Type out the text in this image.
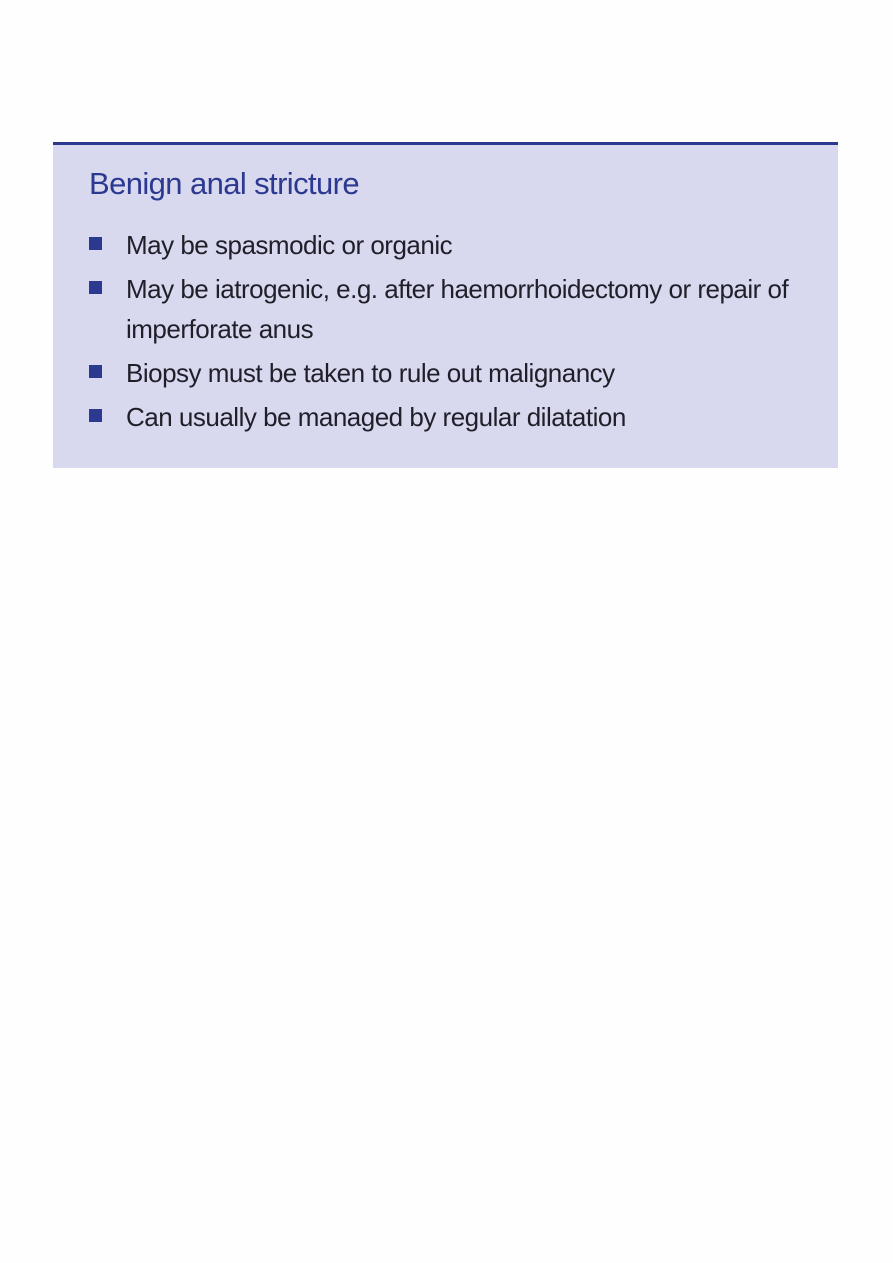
Benign anal stricture
May be spasmodic or organic
May be iatrogenic, e.g. after haemorrhoidectomy or repair of imperforate anus
Biopsy must be taken to rule out malignancy
Can usually be managed by regular dilatation
